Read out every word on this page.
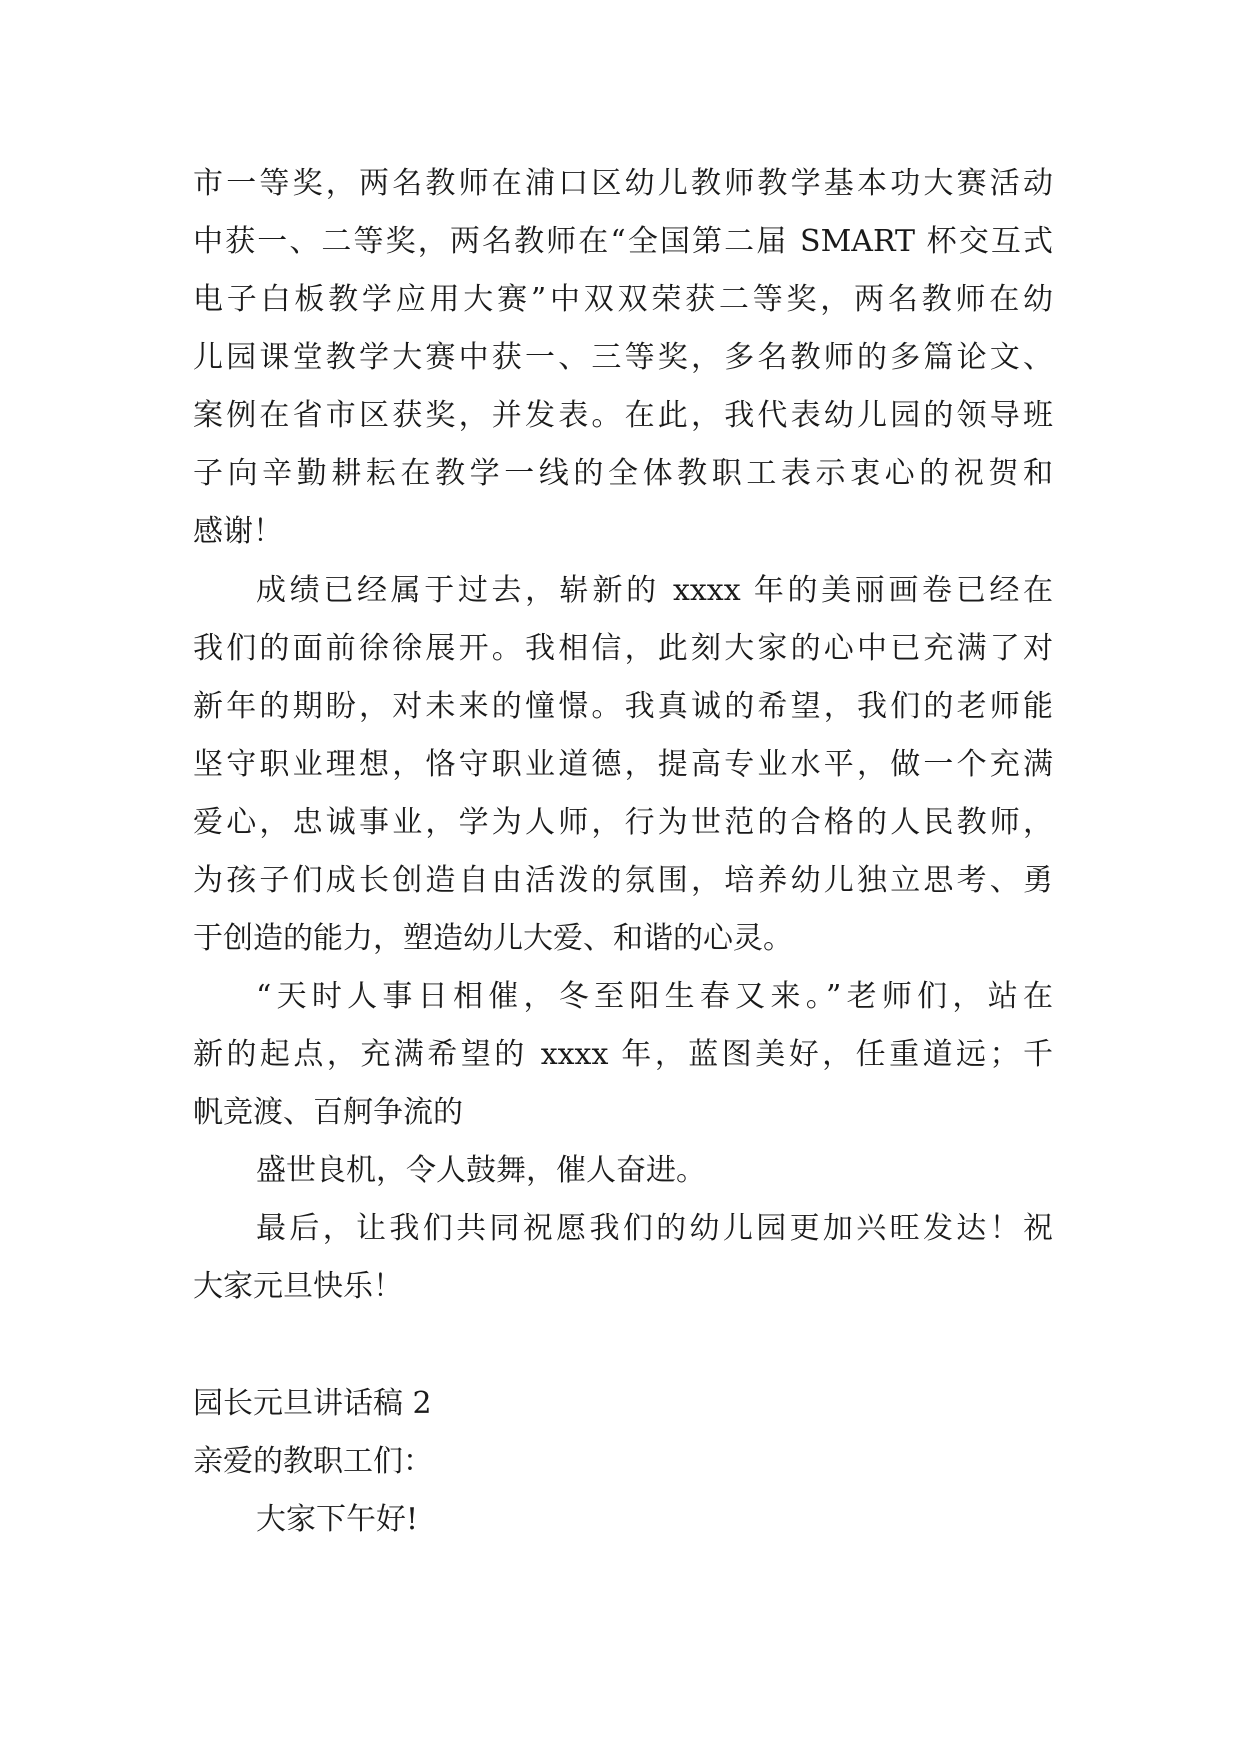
市一等奖，两名教师在浦口区幼儿教师教学基本功大赛活动
中获一、二等奖，两名教师在“全国第二届 SMART 杯交互式
电子白板教学应用大赛”中双双荣获二等奖，两名教师在幼
儿园课堂教学大赛中获一、三等奖，多名教师的多篇论文、
案例在省市区获奖，并发表。在此，我代表幼儿园的领导班
子向辛勤耕耘在教学一线的全体教职工表示衷心的祝贺和
感谢！
成绩已经属于过去，崭新的 xxxx 年的美丽画卷已经在
我们的面前徐徐展开。我相信，此刻大家的心中已充满了对
新年的期盼，对未来的憧憬。我真诚的希望，我们的老师能
坚守职业理想，恪守职业道德，提高专业水平，做一个充满
爱心，忠诚事业，学为人师，行为世范的合格的人民教师，
为孩子们成长创造自由活泼的氛围，培养幼儿独立思考、勇
于创造的能力，塑造幼儿大爱、和谐的心灵。
“天时人事日相催，冬至阳生春又来。”老师们，站在
新的起点，充满希望的 xxxx 年，蓝图美好，任重道远；千
帆竞渡、百舸争流的
盛世良机，令人鼓舞，催人奋进。
最后，让我们共同祝愿我们的幼儿园更加兴旺发达！祝
大家元旦快乐！
园长元旦讲话稿 2
亲爱的教职工们：
大家下午好!
